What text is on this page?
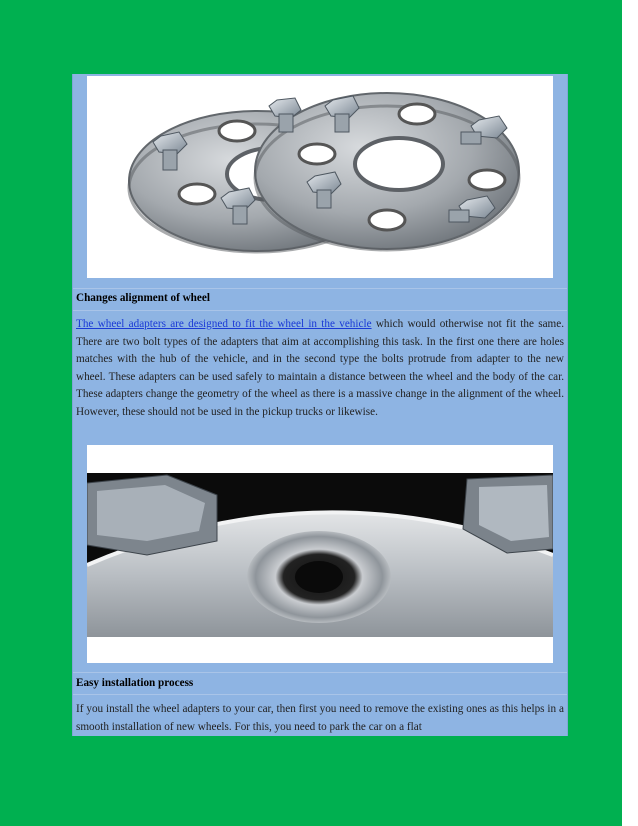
Changes alignment of wheel
The wheel adapters are designed to fit the wheel in the vehicle which would otherwise not fit the same. There are two bolt types of the adapters that aim at accomplishing this task. In the first one there are holes matches with the hub of the vehicle, and in the second type the bolts protrude from adapter to the new wheel. These adapters can be used safely to maintain a distance between the wheel and the body of the car. These adapters change the geometry of the wheel as there is a massive change in the alignment of the wheel. However, these should not be used in the pickup trucks or likewise.
Easy installation process
If you install the wheel adapters to your car, then first you need to remove the existing ones as this helps in a smooth installation of new wheels. For this, you need to park the car on a flat
